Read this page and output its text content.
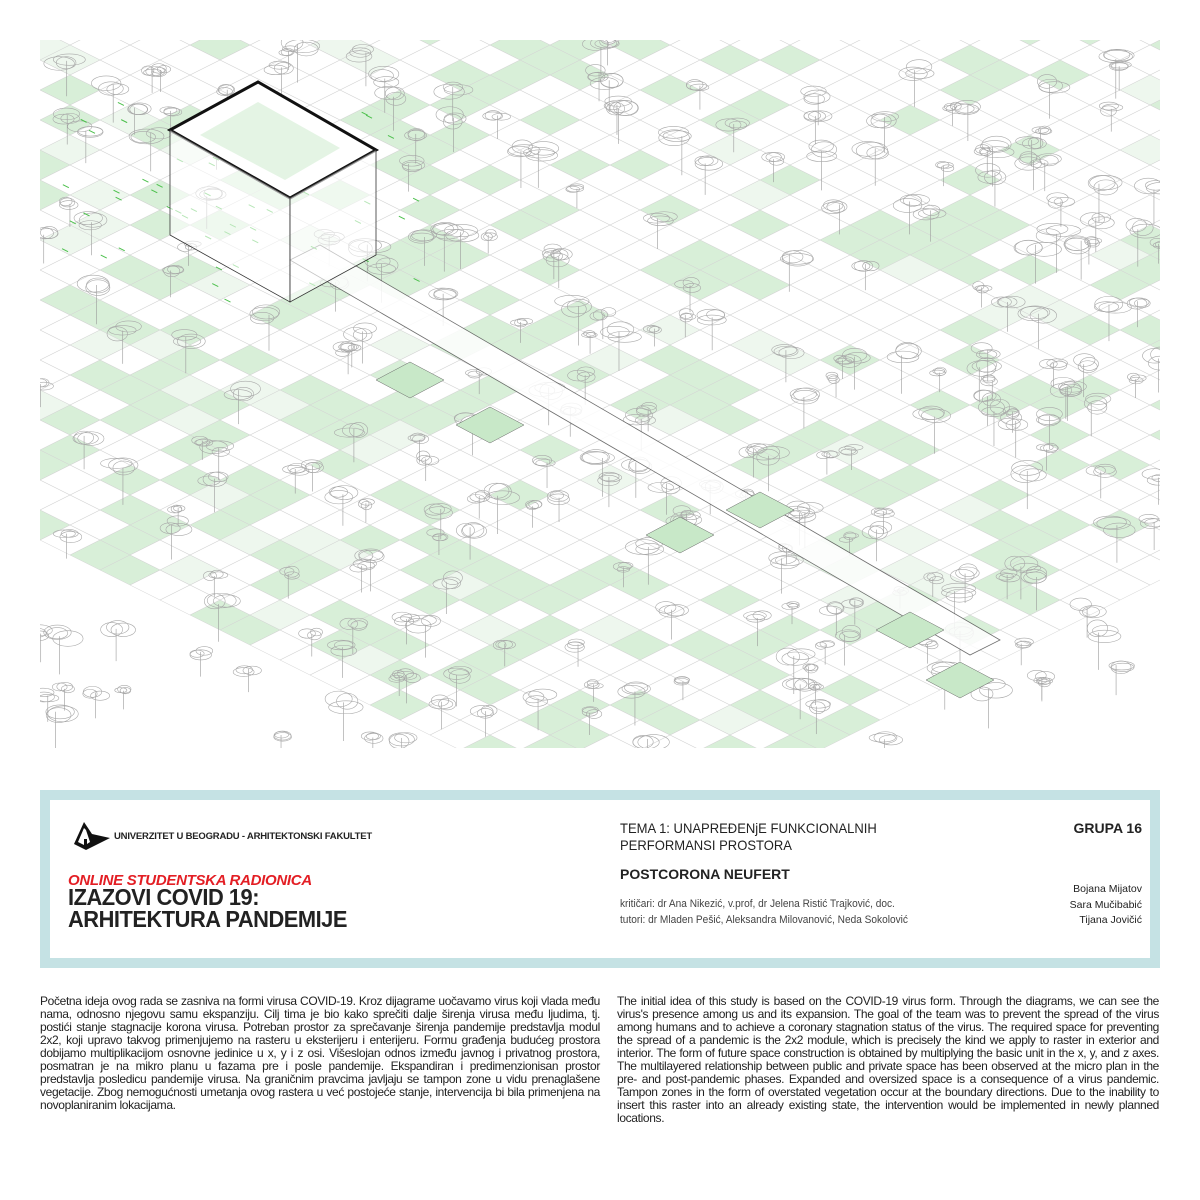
UNIVERZITET U BEOGRADU - ARHITEKTONSKI FAKULTET
ONLINE STUDENTSKA RADIONICA
IZAZOVI COVID 19:
ARHITEKTURA PANDEMIJE
TEMA 1: UNAPREĐENjE FUNKCIONALNIH
PERFORMANSI PROSTORA
POSTCORONA NEUFERT
kritičari: dr Ana Nikezić, v.prof, dr Jelena Ristić Trajković, doc.
tutori: dr Mladen Pešić, Aleksandra Milovanović, Neda Sokolović
GRUPA 16
Bojana Mijatov
Sara Mučibabić
Tijana Jovičić
Početna ideja ovog rada se zasniva na formi virusa COVID-19. Kroz dijagrame uočavamo virus koji vlada među nama, odnosno njegovu samu ekspanziju. Cilj tima je bio kako sprečiti dalje širenja virusa među ljudima, tj. postići stanje stagnacije korona virusa. Potreban prostor za sprečavanje širenja pandemije predstavlja modul 2x2, koji upravo takvog primenjujemo na rasteru u eksterijeru i enterijeru. Formu građenja budućeg prostora dobijamo multiplikacijom osnovne jedinice u x, y i z osi. Višeslojan odnos između javnog i privatnog prostora, posmatran je na mikro planu u fazama pre i posle pandemije. Ekspandiran i predimenzionisan prostor predstavlja posledicu pandemije virusa. Na graničnim pravcima javljaju se tampon zone u vidu prenaglašene vegetacije. Zbog nemogućnosti umetanja ovog rastera u već postojeće stanje, intervencija bi bila primenjena na novoplaniranim lokacijama.
The initial idea of this study is based on the COVID-19 virus form. Through the diagrams, we can see the virus's presence among us and its expansion. The goal of the team was to prevent the spread of the virus among humans and to achieve a coronary stagnation status of the virus. The required space for preventing the spread of a pandemic is the 2x2 module, which is precisely the kind we apply to raster in exterior and interior. The form of future space construction is obtained by multiplying the basic unit in the x, y, and z axes. The multilayered relationship between public and private space has been observed at the micro plan in the pre- and post-pandemic phases. Expanded and oversized space is a consequence of a virus pandemic. Tampon zones in the form of overstated vegetation occur at the boundary directions. Due to the inability to insert this raster into an already existing state, the intervention would be implemented in newly planned locations.
